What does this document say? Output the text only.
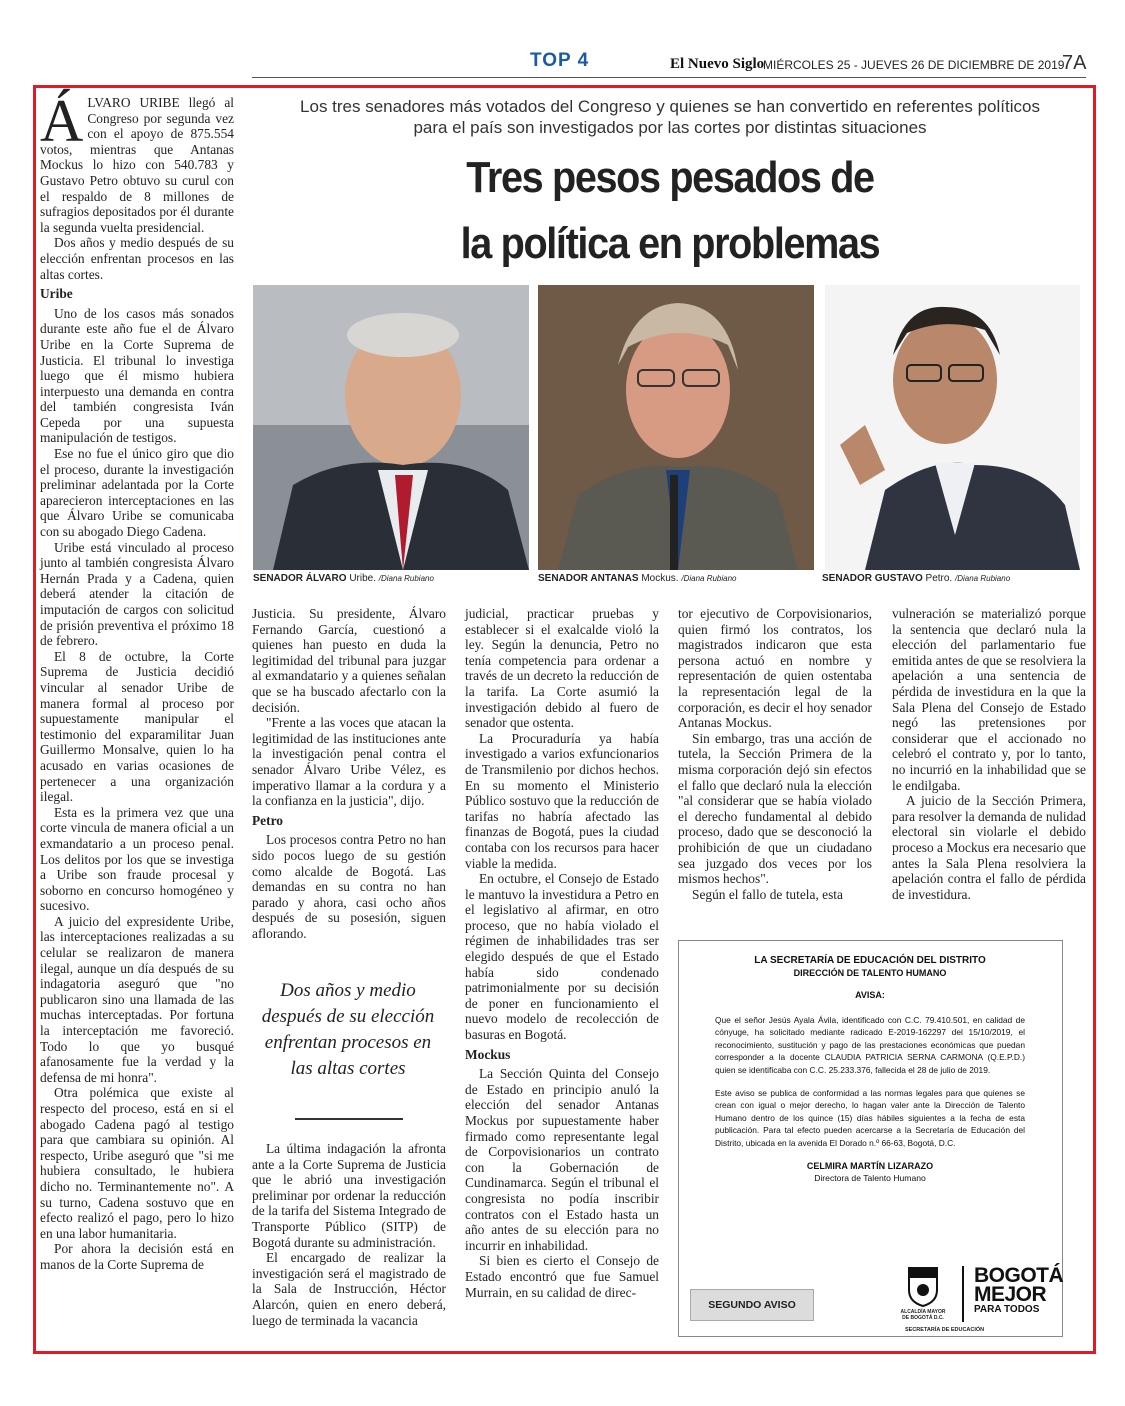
TOP 4	El Nuevo Siglo
MIÉRCOLES 25 - JUEVES 26 DE DICIEMBRE DE 2019
7A
Los tres senadores más votados del Congreso y quienes se han convertido en referentes políticos
para el país son investigados por las cortes por distintas situaciones
Tres pesos pesados de
la política en problemas

ÁLVARO URIBE llegó al Congreso por segunda vez con el apoyo de 875.554 votos, mientras que Antanas Mockus lo hizo con 540.783 y Gustavo Petro obtuvo su curul con el respaldo de 8 millones de sufragios depositados por él durante la segunda vuelta presidencial.

Dos años y medio después de su elección enfrentan procesos en las altas cortes.

Uribe

Uno de los casos más sonados durante este año fue el de Álvaro Uribe en la Corte Suprema de Justicia. El tribunal lo investiga luego que él mismo hubiera interpuesto una demanda en contra del también congresista Iván Cepeda por una supuesta manipulación de testigos.

Ese no fue el único giro que dio el proceso, durante la investigación preliminar adelantada por la Corte aparecieron interceptaciones en las que Álvaro Uribe se comunicaba con su abogado Diego Cadena.

Uribe está vinculado al proceso junto al también congresista Álvaro Hernán Prada y a Cadena, quien deberá atender la citación de imputación de cargos con solicitud de prisión preventiva el próximo 18 de febrero.

El 8 de octubre, la Corte Suprema de Justicia decidió vincular al senador Uribe de manera formal al proceso por supuestamente manipular el testimonio del exparamilitar Juan Guillermo Monsalve, quien lo ha acusado en varias ocasiones de pertenecer a una organización ilegal.

Esta es la primera vez que una corte vincula de manera oficial a un exmandatario a un proceso penal. Los delitos por los que se investiga a Uribe son fraude procesal y soborno en concurso homogéneo y sucesivo.

A juicio del expresidente Uribe, las interceptaciones realizadas a su celular se realizaron de manera ilegal, aunque un día después de su indagatoria aseguró que "no publicaron sino una llamada de las muchas interceptadas. Por fortuna la interceptación me favoreció. Todo lo que yo busqué afanosamente fue la verdad y la defensa de mi honra".

Otra polémica que existe al respecto del proceso, está en si el abogado Cadena pagó al testigo para que cambiara su opinión. Al respecto, Uribe aseguró que "si me hubiera consultado, le hubiera dicho no. Terminantemente no". A su turno, Cadena sostuvo que en efecto realizó el pago, pero lo hizo en una labor humanitaria.

Por ahora la decisión está en manos de la Corte Suprema de

SENADOR ÁLVARO Uribe. /Diana Rubiano	SENADOR ANTANAS Mockus. /Diana Rubiano	SENADOR GUSTAVO Petro. /Diana Rubiano

Justicia. Su presidente, Álvaro Fernando García, cuestionó a quienes han puesto en duda la legitimidad del tribunal para juzgar al exmandatario y a quienes señalan que se ha buscado afectarlo con la decisión.

"Frente a las voces que atacan la legitimidad de las instituciones ante la investigación penal contra el senador Álvaro Uribe Vélez, es imperativo llamar a la cordura y a la confianza en la justicia", dijo.

Petro

Los procesos contra Petro no han sido pocos luego de su gestión como alcalde de Bogotá. Las demandas en su contra no han parado y ahora, casi ocho años después de su posesión, siguen aflorando.

Dos años y medio después de su elección enfrentan procesos en las altas cortes

La última indagación la afronta ante a la Corte Suprema de Justicia que le abrió una investigación preliminar por ordenar la reducción de la tarifa del Sistema Integrado de Transporte Público (SITP) de Bogotá durante su administración.

El encargado de realizar la investigación será el magistrado de la Sala de Instrucción, Héctor Alarcón, quien en enero deberá, luego de terminada la vacancia

judicial, practicar pruebas y establecer si el exalcalde violó la ley. Según la denuncia, Petro no tenía competencia para ordenar a través de un decreto la reducción de la tarifa. La Corte asumió la investigación debido al fuero de senador que ostenta.

La Procuraduría ya había investigado a varios exfuncionarios de Transmilenio por dichos hechos. En su momento el Ministerio Público sostuvo que la reducción de tarifas no habría afectado las finanzas de Bogotá, pues la ciudad contaba con los recursos para hacer viable la medida.

En octubre, el Consejo de Estado le mantuvo la investidura a Petro en el legislativo al afirmar, en otro proceso, que no había violado el régimen de inhabilidades tras ser elegido después de que el Estado había sido condenado patrimonialmente por su decisión de poner en funcionamiento el nuevo modelo de recolección de basuras en Bogotá.

Mockus

La Sección Quinta del Consejo de Estado en principio anuló la elección del senador Antanas Mockus por supuestamente haber firmado como representante legal de Corpovisionarios un contrato con la Gobernación de Cundinamarca. Según el tribunal el congresista no podía inscribir contratos con el Estado hasta un año antes de su elección para no incurrir en inhabilidad.

Si bien es cierto el Consejo de Estado encontró que fue Samuel Murrain, en su calidad de direc-

tor ejecutivo de Corpovisionarios, quien firmó los contratos, los magistrados indicaron que esta persona actuó en nombre y representación de quien ostentaba la representación legal de la corporación, es decir el hoy senador Antanas Mockus.

Sin embargo, tras una acción de tutela, la Sección Primera de la misma corporación dejó sin efectos el fallo que declaró nula la elección "al considerar que se había violado el derecho fundamental al debido proceso, dado que se desconoció la prohibición de que un ciudadano sea juzgado dos veces por los mismos hechos".

Según el fallo de tutela, esta

vulneración se materializó porque la sentencia que declaró nula la elección del parlamentario fue emitida antes de que se resolviera la apelación a una sentencia de pérdida de investidura en la que la Sala Plena del Consejo de Estado negó las pretensiones por considerar que el accionado no celebró el contrato y, por lo tanto, no incurrió en la inhabilidad que se le endilgaba.

A juicio de la Sección Primera, para resolver la demanda de nulidad electoral sin violarle el debido proceso a Mockus era necesario que antes la Sala Plena resolviera la apelación contra el fallo de pérdida de investidura.

LA SECRETARÍA DE EDUCACIÓN DEL DISTRITO
DIRECCIÓN DE TALENTO HUMANO
AVISA:

Que el señor Jesús Ayala Ávila, identificado con C.C. 79.410.501, en calidad de cónyuge, ha solicitado mediante radicado E-2019-162297 del 15/10/2019, el reconocimiento, sustitución y pago de las prestaciones económicas que puedan corresponder a la docente CLAUDIA PATRICIA SERNA CARMONA (Q.E.P.D.) quien se identificaba con C.C. 25.233.376, fallecida el 28 de julio de 2019.

Este aviso se publica de conformidad a las normas legales para que quienes se crean con igual o mejor derecho, lo hagan valer ante la Dirección de Talento Humano dentro de los quince (15) días hábiles siguientes a la fecha de esta publicación. Para tal efecto pueden acercarse a la Secretaría de Educación del Distrito, ubicada en la avenida El Dorado n.º 66-63, Bogotá, D.C.

CELMIRA MARTÍN LIZARAZO
Directora de Talento Humano
SEGUNDO AVISO
ALCALDÍA MAYOR DE BOGOTÁ D.C.
BOGOTÁ
MEJOR
PARA TODOS
SECRETARÍA DE EDUCACIÓN
